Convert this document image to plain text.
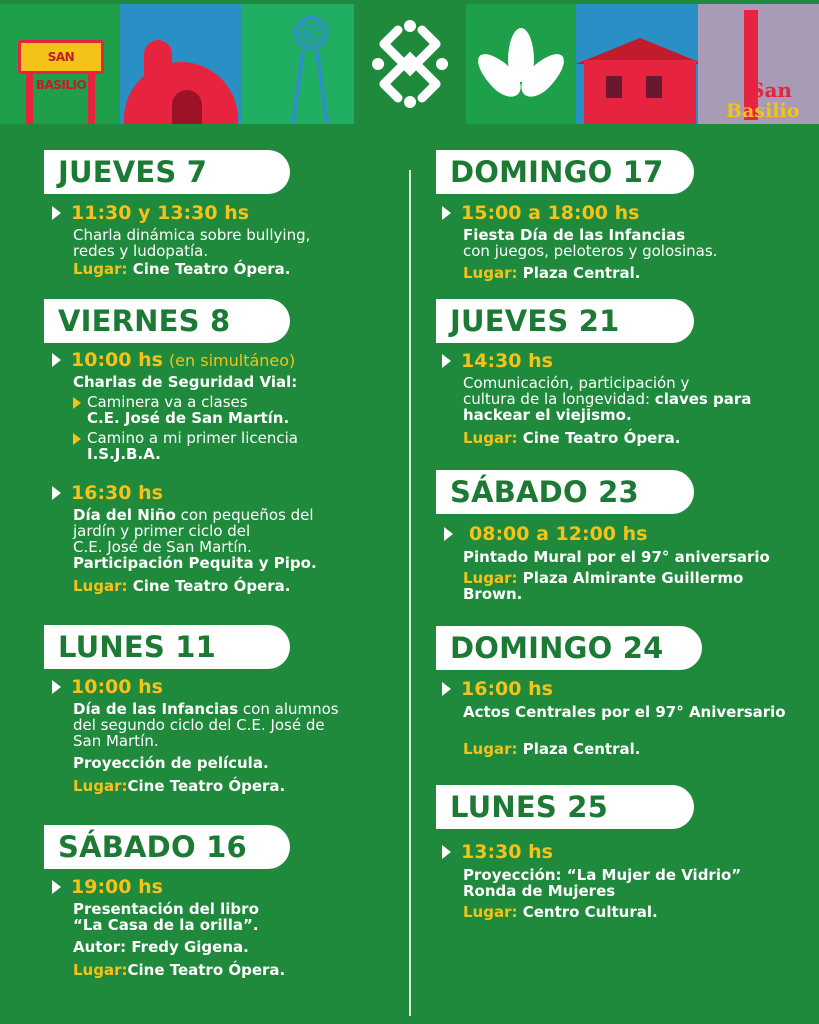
SAN BASILIO	San
Basilio
JUEVES 7
11:30 y 13:30 hs
Charla dinámica sobre bullying,
redes y ludopatía.
Lugar: Cine Teatro Ópera.
VIERNES 8
10:00 hs (en simultáneo)
Charlas de Seguridad Vial:
Caminera va a clases
C.E. José de San Martín.
Camino a mi primer licencia
I.S.J.B.A.
16:30 hs
Día del Niño con pequeños del
jardín y primer ciclo del
C.E. José de San Martín.
Participación Pequita y Pipo.
Lugar: Cine Teatro Ópera.
LUNES 11
10:00 hs
Día de las Infancias con alumnos
del segundo ciclo del C.E. José de
San Martín.
Proyección de película.
Lugar:Cine Teatro Ópera.
SÁBADO 16
19:00 hs
Presentación del libro
“La Casa de la orilla”.
Autor: Fredy Gigena.
Lugar:Cine Teatro Ópera.
DOMINGO 17
15:00 a 18:00 hs
Fiesta Día de las Infancias
con juegos, peloteros y golosinas.
Lugar: Plaza Central.
JUEVES 21
14:30 hs
Comunicación, participación y
cultura de la longevidad: claves para
hackear el viejismo.
Lugar: Cine Teatro Ópera.
SÁBADO 23
08:00 a 12:00 hs
Pintado Mural por el 97° aniversario
Lugar: Plaza Almirante Guillermo
Brown.
DOMINGO 24
16:00 hs
Actos Centrales por el 97° Aniversario
Lugar: Plaza Central.
LUNES 25
13:30 hs
Proyección: “La Mujer de Vidrio”
Ronda de Mujeres
Lugar: Centro Cultural.
